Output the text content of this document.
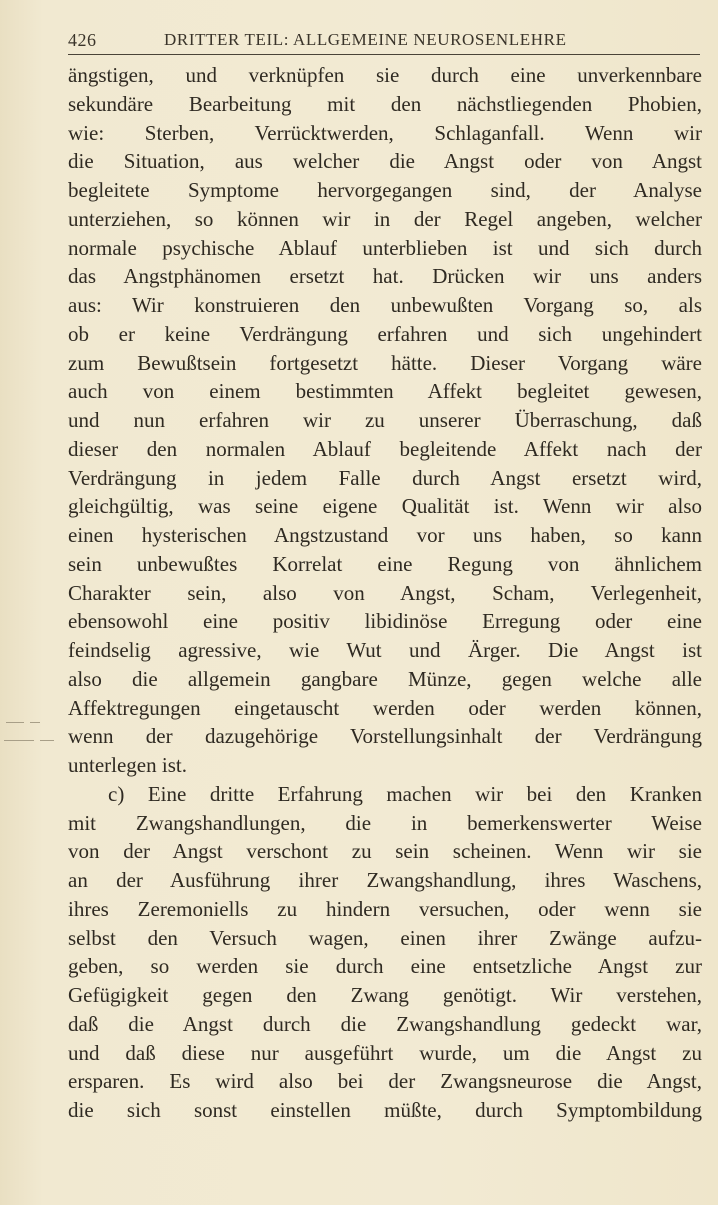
426	DRITTER TEIL: ALLGEMEINE NEUROSENLEHRE
ängstigen, und verknüpfen sie durch eine unverkennbare
sekundäre Bearbeitung mit den nächstliegenden Phobien,
wie: Sterben, Verrücktwerden, Schlaganfall. Wenn wir
die Situation, aus welcher die Angst oder von Angst
begleitete Symptome hervorgegangen sind, der Analyse
unterziehen, so können wir in der Regel angeben, welcher
normale psychische Ablauf unterblieben ist und sich durch
das Angstphänomen ersetzt hat. Drücken wir uns anders
aus: Wir konstruieren den unbewußten Vorgang so, als
ob er keine Verdrängung erfahren und sich ungehindert
zum Bewußtsein fortgesetzt hätte. Dieser Vorgang wäre
auch von einem bestimmten Affekt begleitet gewesen,
und nun erfahren wir zu unserer Überraschung, daß
dieser den normalen Ablauf begleitende Affekt nach der
Verdrängung in jedem Falle durch Angst ersetzt wird,
gleichgültig, was seine eigene Qualität ist. Wenn wir also
einen hysterischen Angstzustand vor uns haben, so kann
sein unbewußtes Korrelat eine Regung von ähnlichem
Charakter sein, also von Angst, Scham, Verlegenheit,
ebensowohl eine positiv libidinöse Erregung oder eine
feindselig agressive, wie Wut und Ärger. Die Angst ist
also die allgemein gangbare Münze, gegen welche alle
Affektregungen eingetauscht werden oder werden können,
wenn der dazugehörige Vorstellungsinhalt der Verdrängung
unterlegen ist.
c) Eine dritte Erfahrung machen wir bei den Kranken
mit Zwangshandlungen, die in bemerkenswerter Weise
von der Angst verschont zu sein scheinen. Wenn wir sie
an der Ausführung ihrer Zwangshandlung, ihres Waschens,
ihres Zeremoniells zu hindern versuchen, oder wenn sie
selbst den Versuch wagen, einen ihrer Zwänge aufzu-
geben, so werden sie durch eine entsetzliche Angst zur
Gefügigkeit gegen den Zwang genötigt. Wir verstehen,
daß die Angst durch die Zwangshandlung gedeckt war,
und daß diese nur ausgeführt wurde, um die Angst zu
ersparen. Es wird also bei der Zwangsneurose die Angst,
die sich sonst einstellen müßte, durch Symptombildung
